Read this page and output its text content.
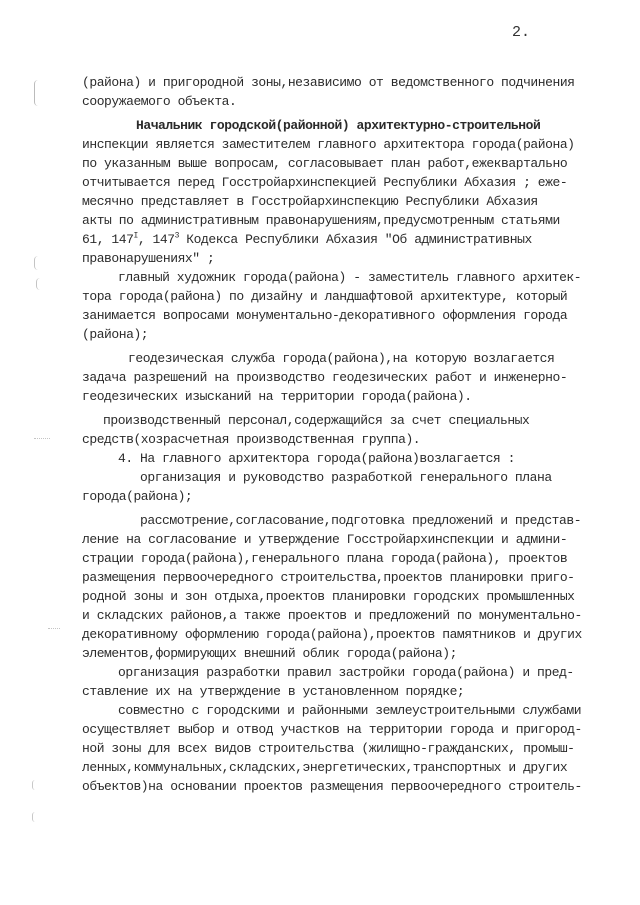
2.
(района) и пригородной зоны,независимо от ведомственного подчинения
сооружаемого объекта.
Начальник городской(районной) архитектурно-строительной
инспекции является заместителем главного архитектора города(района)
по указанным выше вопросам, согласовывает план работ,ежеквартально
отчитывается перед Госстройархинспекцией Республики Абхазия ; еже-
месячно представляет в Госстройархинспекцию Республики Абхазия
акты по административным правонарушениям,предусмотренным статьями
61, $147^I$, $147^3$ Кодекса Республики Абхазия "Об административных
правонарушениях" ;
главный художник города(района) - заместитель главного архитек-
тора города(района) по дизайну и ландшафтовой архитектуре, который
занимается вопросами монументально-декоративного оформления города
(района);
геодезическая служба города(района),на которую возлагается
задача разрешений на производство геодезических работ и инженерно-
геодезических изысканий на территории города(района).
производственный персонал,содержащийся за счет специальных
средств(хозрасчетная производственная группа).
4. На главного архитектора города(района)возлагается :
организация и руководство разработкой генерального плана
города(района);
рассмотрение,согласование,подготовка предложений и представ-
ление на согласование и утверждение Госстройархинспекции и админи-
страции города(района),генерального плана города(района), проектов
размещения первоочередного строительства,проектов планировки приго-
родной зоны и зон отдыха,проектов планировки городских промышленных
и складских районов,а также проектов и предложений по монументально-
декоративному оформлению города(района),проектов памятников и других
элементов,формирующих внешний облик города(района);
организация разработки правил застройки города(района) и пред-
ставление их на утверждение в установленном порядке;
совместно с городскими и районными землеустроительными службами
осуществляет выбор и отвод участков на территории города и пригород-
ной зоны для всех видов строительства (жилищно-гражданских, промыш-
ленных,коммунальных,складских,энергетических,транспортных и других
объектов)на основании проектов размещения первоочередного строитель-
